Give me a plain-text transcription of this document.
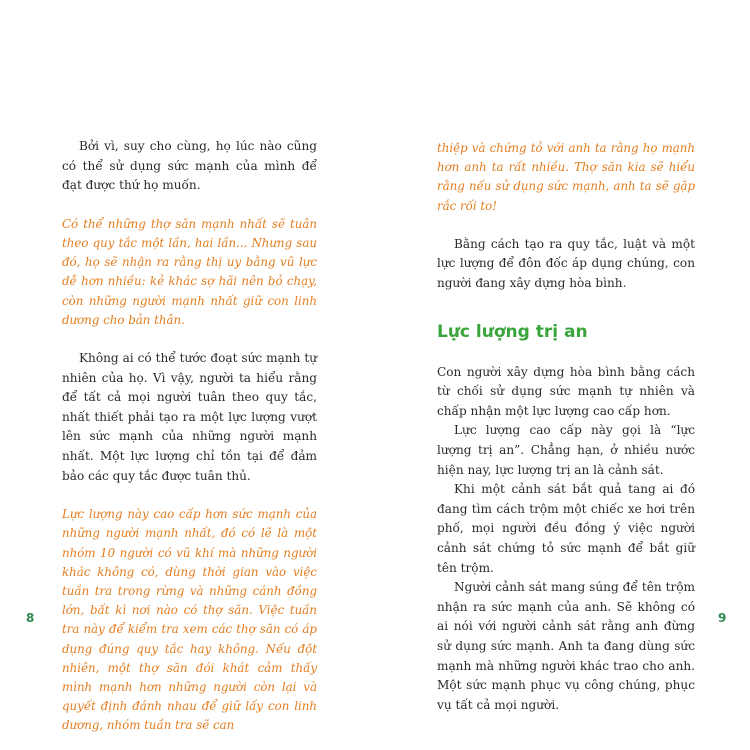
Bởi vì, suy cho cùng, họ lúc nào cũng có thể sử dụng sức mạnh của mình để đạt được thứ họ muốn.

Có thể những thợ săn mạnh nhất sẽ tuân theo quy tắc một lần, hai lần... Nhưng sau đó, họ sẽ nhận ra rằng thị uy bằng vũ lực dễ hơn nhiều: kẻ khác sợ hãi nên bỏ chạy, còn những người mạnh nhất giữ con linh dương cho bản thân.

Không ai có thể tước đoạt sức mạnh tự nhiên của họ. Vì vậy, người ta hiểu rằng để tất cả mọi người tuân theo quy tắc, nhất thiết phải tạo ra một lực lượng vượt lên sức mạnh của những người mạnh nhất. Một lực lượng chỉ tồn tại để đảm bảo các quy tắc được tuân thủ.

Lực lượng này cao cấp hơn sức mạnh của những người mạnh nhất, đó có lẽ là một nhóm 10 người có vũ khí mà những người khác không có, dùng thời gian vào việc tuần tra trong rừng và những cánh đồng lớn, bất kì nơi nào có thợ săn. Việc tuần tra này để kiểm tra xem các thợ săn có áp dụng đúng quy tắc hay không. Nếu đột nhiên, một thợ săn đói khát cảm thấy mình mạnh hơn những người còn lại và quyết định đánh nhau để giữ lấy con linh dương, nhóm tuần tra sẽ can

8

thiệp và chứng tỏ với anh ta rằng họ mạnh hơn anh ta rất nhiều. Thợ săn kia sẽ hiểu rằng nếu sử dụng sức mạnh, anh ta sẽ gặp rắc rối to!

Bằng cách tạo ra quy tắc, luật và một lực lượng để đôn đốc áp dụng chúng, con người đang xây dựng hòa bình.

Lực lượng trị an

Con người xây dựng hòa bình bằng cách từ chối sử dụng sức mạnh tự nhiên và chấp nhận một lực lượng cao cấp hơn.

Lực lượng cao cấp này gọi là “lực lượng trị an”. Chẳng hạn, ở nhiều nước hiện nay, lực lượng trị an là cảnh sát.

Khi một cảnh sát bắt quả tang ai đó đang tìm cách trộm một chiếc xe hơi trên phố, mọi người đều đồng ý việc người cảnh sát chứng tỏ sức mạnh để bắt giữ tên trộm.

Người cảnh sát mang súng để tên trộm nhận ra sức mạnh của anh. Sẽ không có ai nói với người cảnh sát rằng anh đừng sử dụng sức mạnh. Anh ta đang dùng sức mạnh mà những người khác trao cho anh. Một sức mạnh phục vụ công chúng, phục vụ tất cả mọi người.

9
